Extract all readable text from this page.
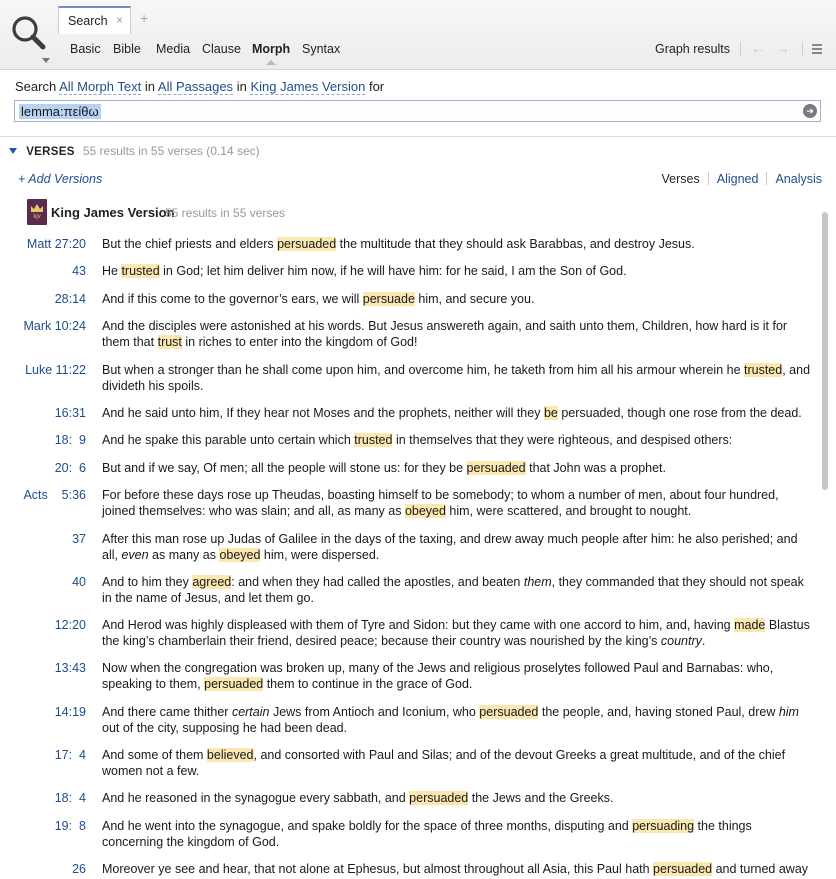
Search × +
Basic Bible Media Clause Morph Syntax	Graph results ← →
Search All Morph Text in All Passages in King James Version for
lemma:πείθω	➜
VERSES 55 results in 55 verses (0.14 sec)
+ Add Versions	Verses Aligned Analysis
kjv King James Version
55 results in 55 verses
Matt 27:20 But the chief priests and elders persuaded the multitude that they should ask Barabbas, and destroy Jesus.
43 He trusted in God; let him deliver him now, if he will have him: for he said, I am the Son of God.
28:14 And if this come to the governor’s ears, we will persuade him, and secure you.
Mark 10:24 And the disciples were astonished at his words. But Jesus answereth again, and saith unto them, Children, how hard is it for them that trust in riches to enter into the kingdom of God!
Luke 11:22 But when a stronger than he shall come upon him, and overcome him, he taketh from him all his armour wherein he trusted, and divideth his spoils.
16:31 And he said unto him, If they hear not Moses and the prophets, neither will they be persuaded, though one rose from the dead.
18:  9 And he spake this parable unto certain which trusted in themselves that they were righteous, and despised others:
20:  6 But and if we say, Of men; all the people will stone us: for they be persuaded that John was a prophet.
Acts    5:36 For before these days rose up Theudas, boasting himself to be somebody; to whom a number of men, about four hundred, joined themselves: who was slain; and all, as many as obeyed him, were scattered, and brought to nought.
37 After this man rose up Judas of Galilee in the days of the taxing, and drew away much people after him: he also perished; and all, even as many as obeyed him, were dispersed.
40 And to him they agreed: and when they had called the apostles, and beaten them, they commanded that they should not speak in the name of Jesus, and let them go.
12:20 And Herod was highly displeased with them of Tyre and Sidon: but they came with one accord to him, and, having made Blastus the king’s chamberlain their friend, desired peace; because their country was nourished by the king’s country.
13:43 Now when the congregation was broken up, many of the Jews and religious proselytes followed Paul and Barnabas: who, speaking to them, persuaded them to continue in the grace of God.
14:19 And there came thither certain Jews from Antioch and Iconium, who persuaded the people, and, having stoned Paul, drew him out of the city, supposing he had been dead.
17:  4 And some of them believed, and consorted with Paul and Silas; and of the devout Greeks a great multitude, and of the chief women not a few.
18:  4 And he reasoned in the synagogue every sabbath, and persuaded the Jews and the Greeks.
19:  8 And he went into the synagogue, and spake boldly for the space of three months, disputing and persuading the things concerning the kingdom of God.
26 Moreover ye see and hear, that not alone at Ephesus, but almost throughout all Asia, this Paul hath persuaded and turned away
